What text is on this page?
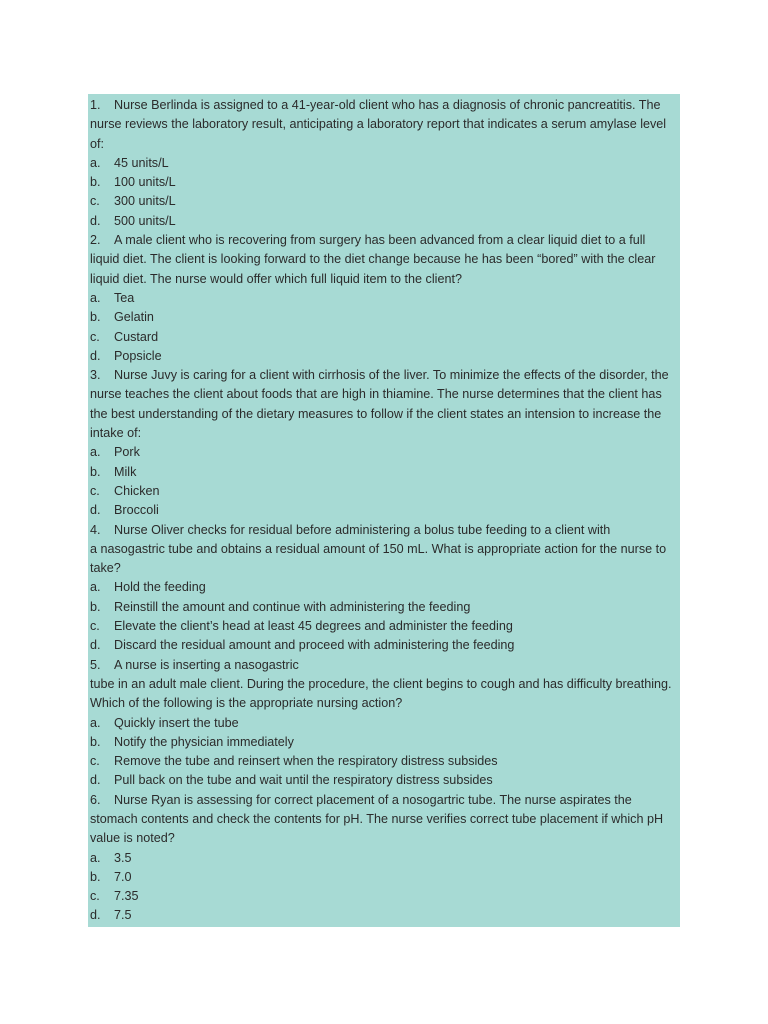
1. Nurse Berlinda is assigned to a 41-year-old client who has a diagnosis of chronic pancreatitis. The

nurse reviews the laboratory result, anticipating a laboratory report that indicates a serum amylase level

of:

a. 45 units/L

b. 100 units/L

c. 300 units/L

d. 500 units/L

2. A male client who is recovering from surgery has been advanced from a clear liquid diet to a full

liquid diet. The client is looking forward to the diet change because he has been “bored” with the clear

liquid diet. The nurse would offer which full liquid item to the client?

a. Tea

b. Gelatin

c. Custard

d. Popsicle

3. Nurse Juvy is caring for a client with cirrhosis of the liver. To minimize the effects of the disorder, the

nurse teaches the client about foods that are high in thiamine. The nurse determines that the client has

the best understanding of the dietary measures to follow if the client states an intension to increase the

intake of:

a. Pork

b. Milk

c. Chicken

d. Broccoli

4. Nurse Oliver checks for residual before administering a bolus tube feeding to a client with

a nasogastric tube and obtains a residual amount of 150 mL. What is appropriate action for the nurse to

take?

a. Hold the feeding

b. Reinstill the amount and continue with administering the feeding

c. Elevate the client’s head at least 45 degrees and administer the feeding

d. Discard the residual amount and proceed with administering the feeding

5. A nurse is inserting a nasogastric

tube in an adult male client. During the procedure, the client begins to cough and has difficulty breathing.

Which of the following is the appropriate nursing action?

a. Quickly insert the tube

b. Notify the physician immediately

c. Remove the tube and reinsert when the respiratory distress subsides

d. Pull back on the tube and wait until the respiratory distress subsides

6. Nurse Ryan is assessing for correct placement of a nosogartric tube. The nurse aspirates the

stomach contents and check the contents for pH. The nurse verifies correct tube placement if which pH

value is noted?

a. 3.5

b. 7.0

c. 7.35

d. 7.5
